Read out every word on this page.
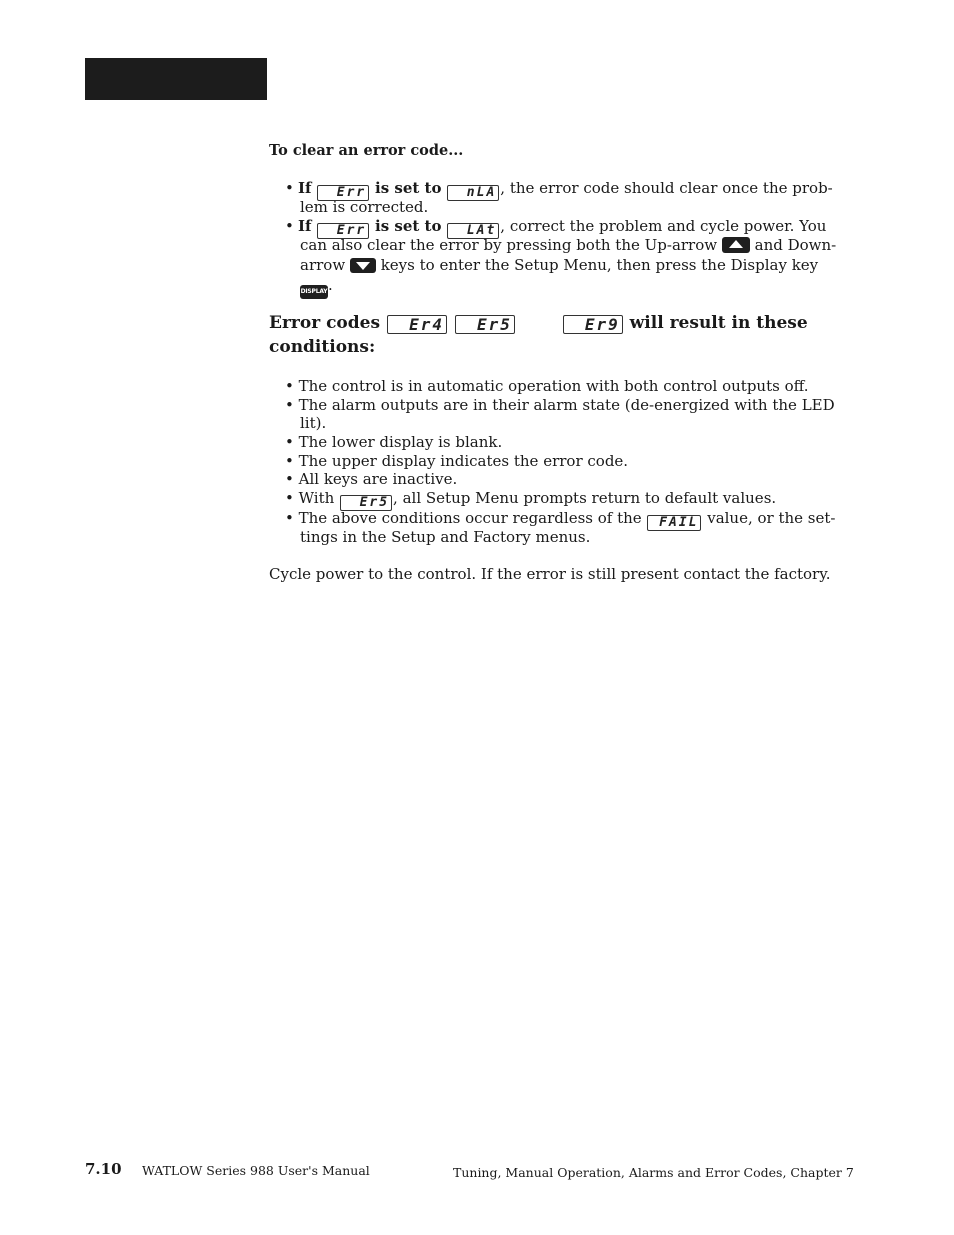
To clear an error code...
• If Err is set to nLA , the error code should clear once the prob-
lem is corrected.
• If Err is set to LAt , correct the problem and cycle power. You
can also clear the error by pressing both the Up-arrow	and Down-
arrow keys to enter the Setup Menu, then press the Display key
DISPLAY.
Error codes Er4 Er5	Er9 will result in these
conditions:
• The control is in automatic operation with both control outputs off.
• The alarm outputs are in their alarm state (de-energized with the LED
lit).
• The lower display is blank.
• The upper display indicates the error code.
• All keys are inactive.
• With Er5 , all Setup Menu prompts return to default values.
• The above conditions occur regardless of the FAIL value, or the set-
tings in the Setup and Factory menus.
Cycle power to the control. If the error is still present contact the factory.
7.10 WATLOW Series 988 User's Manual	Tuning, Manual Operation, Alarms and Error Codes, Chapter 7
